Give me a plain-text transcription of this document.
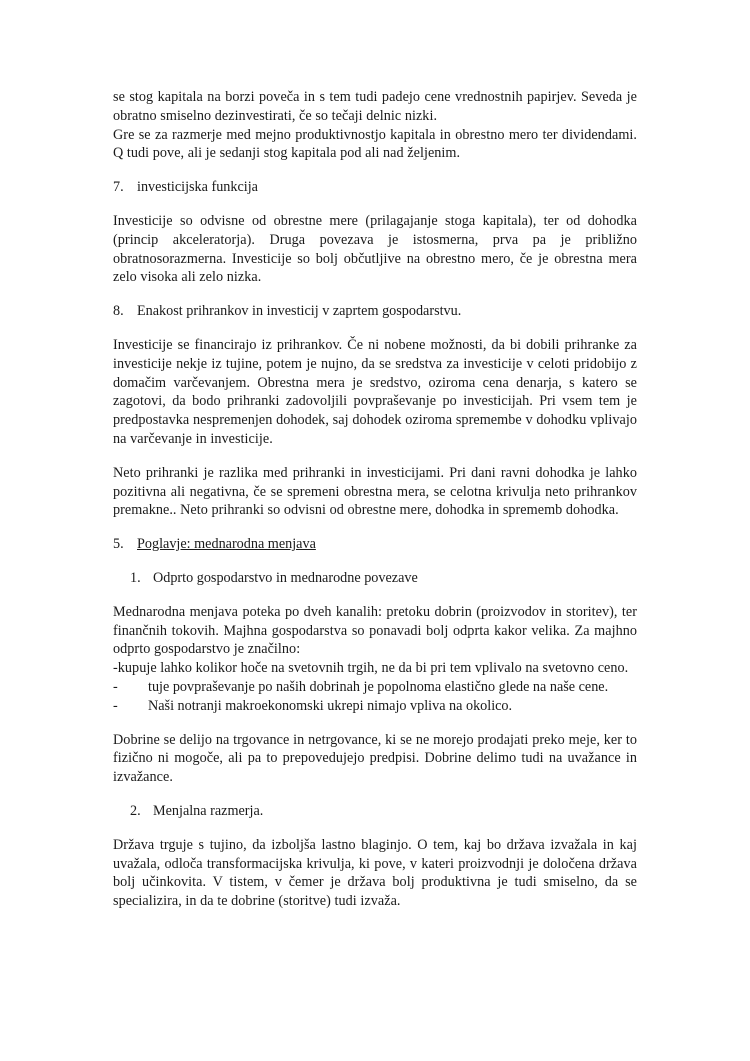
se stog kapitala na borzi poveča in s tem tudi padejo cene vrednostnih papirjev. Seveda je obratno smiselno dezinvestirati, če so tečaji delnic nizki.

Gre se za razmerje med mejno produktivnostjo kapitala in obrestno mero ter dividendami. Q tudi pove, ali je sedanji stog kapitala pod ali nad željenim.

7. investicijska funkcija

Investicije so odvisne od obrestne mere (prilagajanje stoga kapitala), ter od dohodka (princip akceleratorja). Druga povezava je istosmerna, prva pa je približno obratnosorazmerna. Investicije so bolj občutljive na obrestno mero, če je obrestna mera zelo visoka ali zelo nizka.

8. Enakost prihrankov in investicij v zaprtem gospodarstvu.

Investicije se financirajo iz prihrankov. Če ni nobene možnosti, da bi dobili prihranke za investicije nekje iz tujine, potem je nujno, da se sredstva za investicije v celoti pridobijo z domačim varčevanjem. Obrestna mera je sredstvo, oziroma cena denarja, s katero se zagotovi, da bodo prihranki zadovoljili povpraševanje po investicijah. Pri vsem tem je predpostavka nespremenjen dohodek, saj dohodek oziroma spremembe v dohodku vplivajo na varčevanje in investicije.

Neto prihranki je razlika med prihranki in investicijami. Pri dani ravni dohodka je lahko pozitivna ali negativna, če se spremeni obrestna mera, se celotna krivulja neto prihrankov premakne.. Neto prihranki so odvisni od obrestne mere, dohodka in sprememb dohodka.

5. Poglavje: mednarodna menjava
1. Odprto gospodarstvo in mednarodne povezave

Mednarodna menjava poteka po dveh kanalih: pretoku dobrin (proizvodov in storitev), ter finančnih tokovih. Majhna gospodarstva so ponavadi bolj odprta kakor velika. Za majhno odprto gospodarstvo je značilno:

-kupuje lahko kolikor hoče na svetovnih trgih, ne da bi pri tem vplivalo na svetovno ceno.

-	tuje povpraševanje po naših dobrinah je popolnoma elastično glede na naše cene.
-	Naši notranji makroekonomski ukrepi nimajo vpliva na okolico.

Dobrine se delijo na trgovance in netrgovance, ki se ne morejo prodajati preko meje, ker to fizično ni mogoče, ali pa to prepovedujejo predpisi. Dobrine delimo tudi na uvažance in izvažance.

2. Menjalna razmerja.

Država trguje s tujino, da izboljša lastno blaginjo. O tem, kaj bo država izvažala in kaj uvažala, odloča transformacijska krivulja, ki pove, v kateri proizvodnji je določena država bolj učinkovita. V tistem, v čemer je država bolj produktivna je tudi smiselno, da se specializira, in da te dobrine (storitve) tudi izvaža.
